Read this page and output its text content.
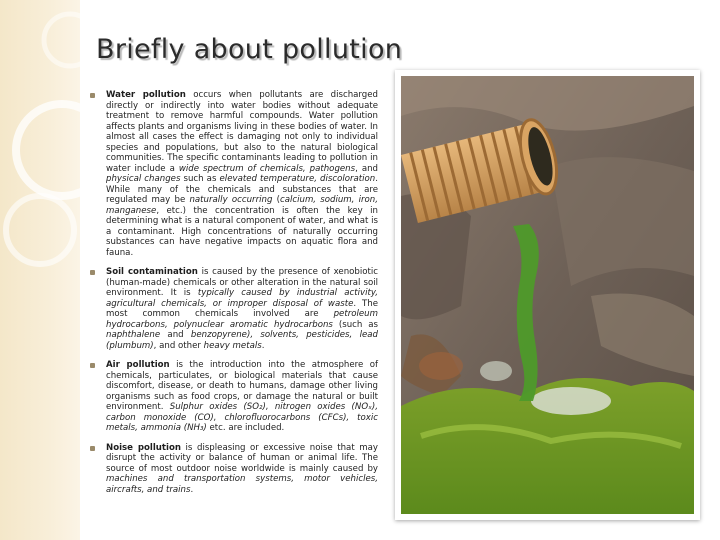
Briefly about pollution
Water pollution occurs when pollutants are discharged directly or indirectly into water bodies without adequate treatment to remove harmful compounds. Water pollution affects plants and organisms living in these bodies of water. In almost all cases the effect is damaging not only to individual species and populations, but also to the natural biological communities. The specific contaminants leading to pollution in water include a wide spectrum of chemicals, pathogens, and physical changes such as elevated temperature, discoloration. While many of the chemicals and substances that are regulated may be naturally occurring (calcium, sodium, iron, manganese, etc.) the concentration is often the key in determining what is a natural component of water, and what is a contaminant. High concentrations of naturally occurring substances can have negative impacts on aquatic flora and fauna.
Soil contamination is caused by the presence of xenobiotic (human-made) chemicals or other alteration in the natural soil environment. It is typically caused by industrial activity, agricultural chemicals, or improper disposal of waste. The most common chemicals involved are petroleum hydrocarbons, polynuclear aromatic hydrocarbons (such as naphthalene and benzopyrene), solvents, pesticides, lead (plumbum), and other heavy metals.
Air pollution is the introduction into the atmosphere of chemicals, particulates, or biological materials that cause discomfort, disease, or death to humans, damage other living organisms such as food crops, or damage the natural or built environment. Sulphur oxides (SO₂), nitrogen oxides (NOₓ), carbon monoxide (CO), chlorofluorocarbons (CFCs), toxic metals, ammonia (NH₃) etc. are included.
Noise pollution is displeasing or excessive noise that may disrupt the activity or balance of human or animal life. The source of most outdoor noise worldwide is mainly caused by machines and transportation systems, motor vehicles, aircrafts, and trains.
